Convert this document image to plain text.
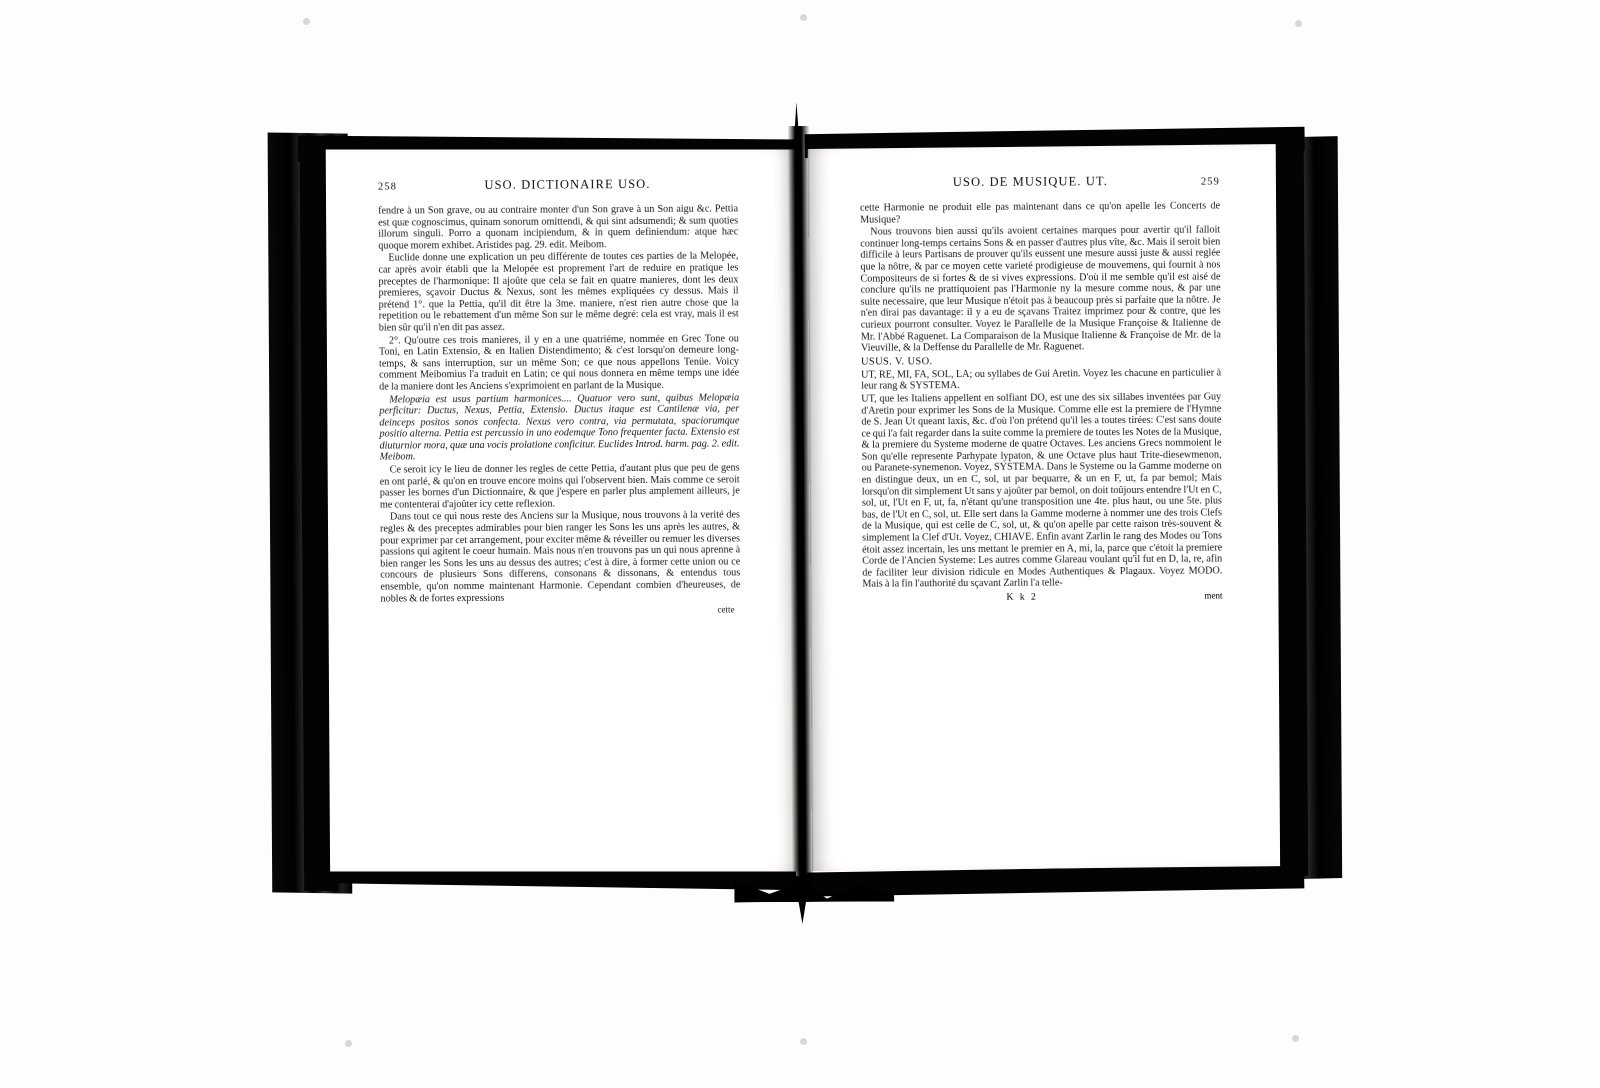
258	USO. DICTIONAIRE USO.

fendre à un Son grave, ou au contraire monter d'un Son grave à un Son aigu &c. Pettia est quæ cognoscimus, quinam sonorum omittendi, & qui sint adsumendi; & sum quoties illorum singuli. Porro a quonam incipiendum, & in quem definiendum: atque hæc quoque morem exhibet. Aristides pag. 29. edit. Meibom.

Euclide donne une explication un peu différente de toutes ces parties de la Melopée, car après avoir établi que la Melopée est proprement l'art de reduire en pratique les preceptes de l'harmonique: Il ajoûte que cela se fait en quatre manieres, dont les deux premieres, sçavoir Ductus & Nexus, sont les mêmes expliquées cy dessus. Mais il prétend 1°. que la Pettia, qu'il dit être la 3me. maniere, n'est rien autre chose que la repetition ou le rebattement d'un même Son sur le même degré: cela est vray, mais il est bien sûr qu'il n'en dit pas assez.

2°. Qu'outre ces trois manieres, il y en a une quatriéme, nommée en Grec Tone ou Toni, en Latin Extensio, & en Italien Distendimento; & c'est lorsqu'on demeure long-temps, & sans interruption, sur un même Son; ce que nous appellons Tenüe. Voicy comment Meibomius l'a traduit en Latin; ce qui nous donnera en même temps une idée de la maniere dont les Anciens s'exprimoient en parlant de la Musique.

Melopæia est usus partium harmonices.... Quatuor vero sunt, quibus Melopæia perficitur: Ductus, Nexus, Pettia, Extensio. Ductus itaque est Cantilenæ via, per deinceps positos sonos confecta. Nexus vero contra, via permutata, spaciorumque positio alterna. Pettia est percussio in uno eodemque Tono frequenter facta. Extensio est diuturnior mora, quæ una vocis prolatione conficitur. Euclides Introd. harm. pag. 2. edit. Meibom.

Ce seroit icy le lieu de donner les regles de cette Pettia, d'autant plus que peu de gens en ont parlé, & qu'on en trouve encore moins qui l'observent bien. Mais comme ce seroit passer les bornes d'un Dictionnaire, & que j'espere en parler plus amplement ailleurs, je me contenterai d'ajoûter icy cette reflexion.

Dans tout ce qui nous reste des Anciens sur la Musique, nous trouvons à la verité des regles & des preceptes admirables pour bien ranger les Sons les uns après les autres, & pour exprimer par cet arrangement, pour exciter même & réveiller ou remuer les diverses passions qui agitent le coeur humain. Mais nous n'en trouvons pas un qui nous aprenne à bien ranger les Sons les uns au dessus des autres; c'est à dire, à former cette union ou ce concours de plusieurs Sons differens, consonans & dissonans, & entendus tous ensemble, qu'on nomme maintenant Harmonie. Cependant combien d'heureuses, de nobles & de fortes expressions

cette
USO. DE MUSIQUE. UT.	259

cette Harmonie ne produit elle pas maintenant dans ce qu'on apelle les Concerts de Musique?

Nous trouvons bien aussi qu'ils avoient certaines marques pour avertir qu'il falloit continuer long-temps certains Sons & en passer d'autres plus vîte, &c. Mais il seroit bien difficile à leurs Partisans de prouver qu'ils eussent une mesure aussi juste & aussi reglée que la nôtre, & par ce moyen cette varieté prodigieuse de mouvemens, qui fournit à nos Compositeurs de si fortes & de si vives expressions. D'où il me semble qu'il est aisé de conclure qu'ils ne prattiquoient pas l'Harmonie ny la mesure comme nous, & par une suite necessaire, que leur Musique n'étoit pas à beaucoup près si parfaite que la nôtre. Je n'en dirai pas davantage: il y a eu de sçavans Traitez imprimez pour & contre, que les curieux pourront consulter. Voyez le Parallelle de la Musique Françoise & Italienne de Mr. l'Abbé Raguenet. La Comparaison de la Musique Italienne & Françoise de Mr. de la Vieuville, & la Deffense du Parallelle de Mr. Raguenet.

USUS. V. USO.

UT, RE, MI, FA, SOL, LA; ou syllabes de Gui Aretin. Voyez les chacune en particulier à leur rang & SYSTEMA.

UT, que les Italiens appellent en solfiant DO, est une des six sillabes inventées par Guy d'Aretin pour exprimer les Sons de la Musique. Comme elle est la premiere de l'Hymne de S. Jean Ut queant laxis, &c. d'où l'on prétend qu'il les a toutes tirées: C'est sans doute ce qui l'a fait regarder dans la suite comme la premiere de toutes les Notes de la Musique, & la premiere du Systeme moderne de quatre Octaves. Les anciens Grecs nommoient le Son qu'elle represente Parhypate lypaton, & une Octave plus haut Trite-diesewmenon, ou Paranete-synemenon. Voyez, SYSTEMA. Dans le Systeme ou la Gamme moderne on en distingue deux, un en C, sol, ut par bequarre, & un en F, ut, fa par bemol; Mais lorsqu'on dit simplement Ut sans y ajoûter par bemol, on doit toûjours entendre l'Ut en C, sol, ut, l'Ut en F, ut, fa, n'étant qu'une transposition une 4te. plus haut, ou une 5te. plus bas, de l'Ut en C, sol, ut. Elle sert dans la Gamme moderne à nommer une des trois Clefs de la Musique, qui est celle de C, sol, ut, & qu'on apelle par cette raison très-souvent & simplement la Clef d'Ut. Voyez, CHIAVE. Enfin avant Zarlin le rang des Modes ou Tons étoit assez incertain, les uns mettant le premier en A, mi, la, parce que c'étoit la premiere Corde de l'Ancien Systeme: Les autres comme Glareau voulant qu'il fut en D, la, re, afin de faciliter leur division ridicule en Modes Authentiques & Plagaux. Voyez MODO. Mais à la fin l'authorité du sçavant Zarlin l'a telle-

K k 2	ment
